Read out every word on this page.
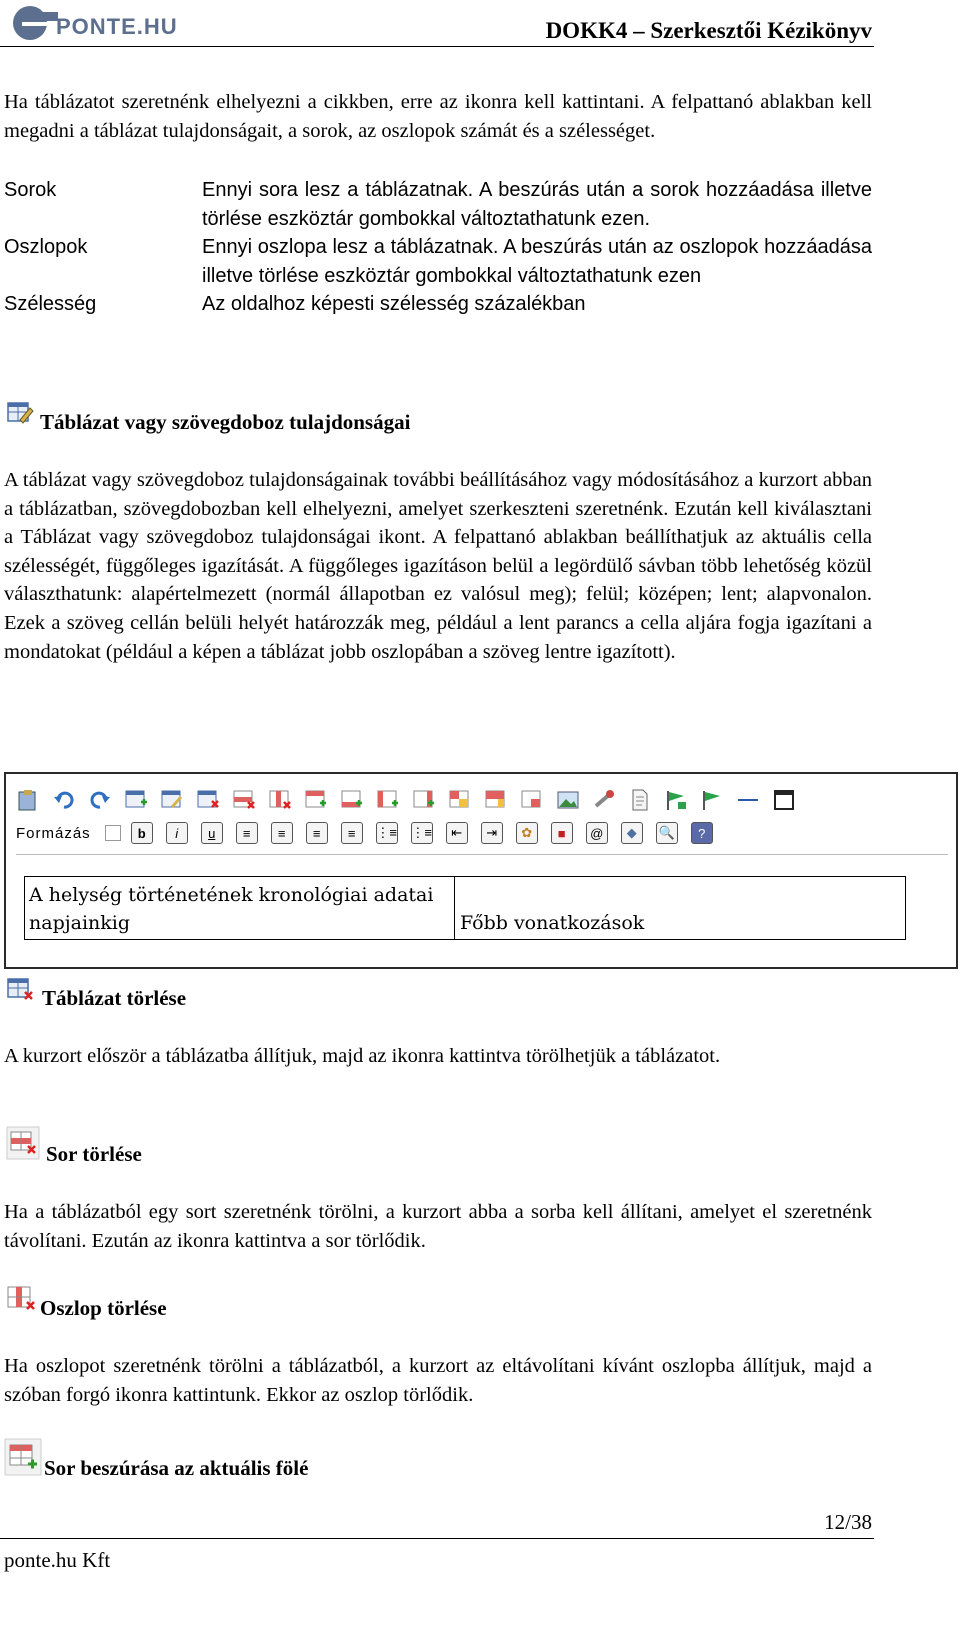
PONTE.HU	DOKK4 – Szerkesztői Kézikönyv

Ha táblázatot szeretnénk elhelyezni a cikkben, erre az ikonra kell kattintani. A felpattanó ablakban kell megadni a táblázat tulajdonságait, a sorok, az oszlopok számát és a szélességet.

Sorok	Ennyi sora lesz a táblázatnak. A beszúrás után a sorok hozzáadása illetve törlése eszköztár gombokkal változtathatunk ezen.
Oszlopok	Ennyi oszlopa lesz a táblázatnak. A beszúrás után az oszlopok hozzáadása illetve törlése eszköztár gombokkal változtathatunk ezen
Szélesség	Az oldalhoz képesti szélesség százalékban
Táblázat vagy szövegdoboz tulajdonságai

A táblázat vagy szövegdoboz tulajdonságainak további beállításához vagy módosításához a kurzort abban a táblázatban, szövegdobozban kell elhelyezni, amelyet szerkeszteni szeretnénk. Ezután kell kiválasztani a Táblázat vagy szövegdoboz tulajdonságai ikont. A felpattanó ablakban beállíthatjuk az aktuális cella szélességét, függőleges igazítását. A függőleges igazításon belül a legördülő sávban több lehetőség közül választhatunk: alapértelmezett (normál állapotban ez valósul meg); felül; középen; lent; alapvonalon. Ezek a szöveg cellán belüli helyét határozzák meg, például a lent parancs a cella aljára fogja igazítani a mondatokat (például a képen a táblázat jobb oszlopában a szöveg lentre igazított).

Formázás	b	i	u	≡	≡	≡	≡	⋮≡ ⋮≡	⇤	⇥	✿	■	@	◆	🔍	?
A helység történetének kronológiai adatai napjainkig	Főbb vonatkozások
Táblázat törlése

A kurzort először a táblázatba állítjuk, majd az ikonra kattintva törölhetjük a táblázatot.

Sor törlése

Ha a táblázatból egy sort szeretnénk törölni, a kurzort abba a sorba kell állítani, amelyet el szeretnénk távolítani. Ezután az ikonra kattintva a sor törlődik.

Oszlop törlése

Ha oszlopot szeretnénk törölni a táblázatból, a kurzort az eltávolítani kívánt oszlopba állítjuk, majd a szóban forgó ikonra kattintunk. Ekkor az oszlop törlődik.

Sor beszúrása az aktuális fölé
12/38
ponte.hu Kft
